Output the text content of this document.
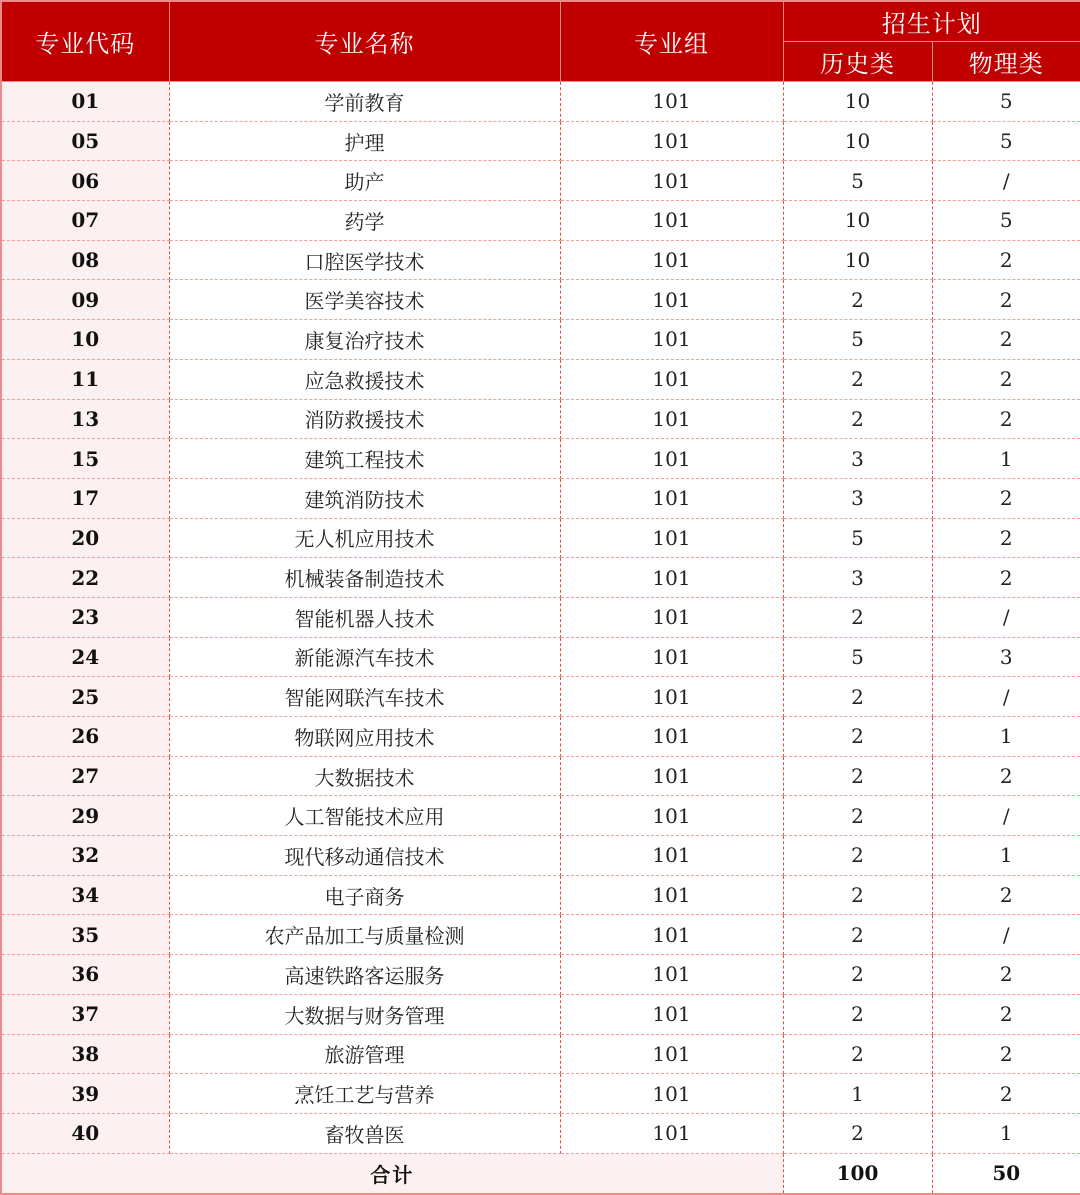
专业代码	专业名称	专业组	招生计划	
			历史类	物理类
01	学前教育	101	10	5
05	护理	101	10	5
06	助产	101	5	/
07	药学	101	10	5
08	口腔医学技术	101	10	2
09	医学美容技术	101	2	2
10	康复治疗技术	101	5	2
11	应急救援技术	101	2	2
13	消防救援技术	101	2	2
15	建筑工程技术	101	3	1
17	建筑消防技术	101	3	2
20	无人机应用技术	101	5	2
22	机械装备制造技术	101	3	2
23	智能机器人技术	101	2	/
24	新能源汽车技术	101	5	3
25	智能网联汽车技术	101	2	/
26	物联网应用技术	101	2	1
27	大数据技术	101	2	2
29	人工智能技术应用	101	2	/
32	现代移动通信技术	101	2	1
34	电子商务	101	2	2
35	农产品加工与质量检测	101	2	/
36	高速铁路客运服务	101	2	2
37	大数据与财务管理	101	2	2
38	旅游管理	101	2	2
39	烹饪工艺与营养	101	1	2
40	畜牧兽医	101	2	1
合计			100	50
